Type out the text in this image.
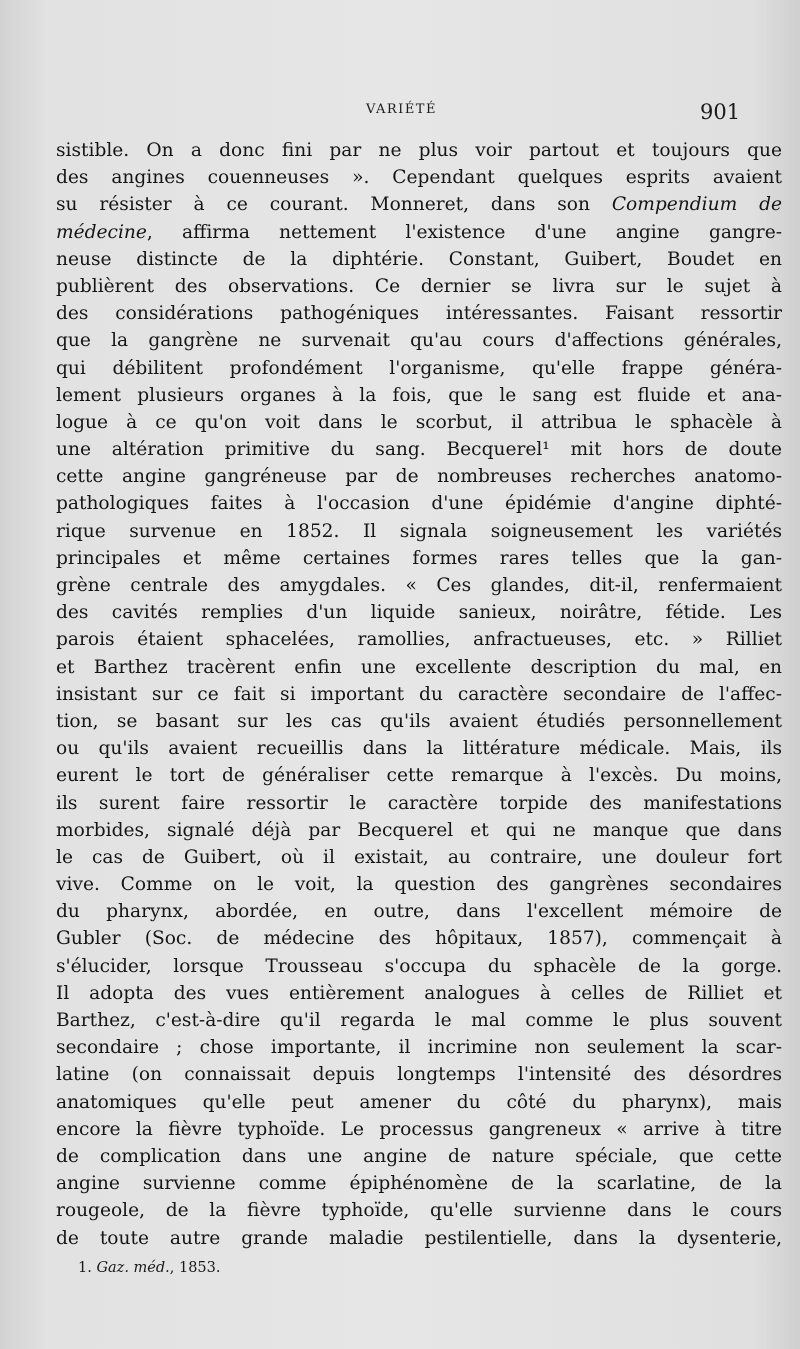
VARIÉTÉ	901
sistible. On a donc fini par ne plus voir partout et toujours que
des angines couenneuses ». Cependant quelques esprits avaient
su résister à ce courant. Monneret, dans son Compendium de
médecine, affirma nettement l'existence d'une angine gangre-
neuse distincte de la diphtérie. Constant, Guibert, Boudet en
publièrent des observations. Ce dernier se livra sur le sujet à
des considérations pathogéniques intéressantes. Faisant ressortir
que la gangrène ne survenait qu'au cours d'affections générales,
qui débilitent profondément l'organisme, qu'elle frappe généra-
lement plusieurs organes à la fois, que le sang est fluide et ana-
logue à ce qu'on voit dans le scorbut, il attribua le sphacèle à
une altération primitive du sang. Becquerel¹ mit hors de doute
cette angine gangréneuse par de nombreuses recherches anatomo-
pathologiques faites à l'occasion d'une épidémie d'angine diphté-
rique survenue en 1852. Il signala soigneusement les variétés
principales et même certaines formes rares telles que la gan-
grène centrale des amygdales. « Ces glandes, dit-il, renfermaient
des cavités remplies d'un liquide sanieux, noirâtre, fétide. Les
parois étaient sphacelées, ramollies, anfractueuses, etc. » Rilliet
et Barthez tracèrent enfin une excellente description du mal, en
insistant sur ce fait si important du caractère secondaire de l'affec-
tion, se basant sur les cas qu'ils avaient étudiés personnellement
ou qu'ils avaient recueillis dans la littérature médicale. Mais, ils
eurent le tort de généraliser cette remarque à l'excès. Du moins,
ils surent faire ressortir le caractère torpide des manifestations
morbides, signalé déjà par Becquerel et qui ne manque que dans
le cas de Guibert, où il existait, au contraire, une douleur fort
vive. Comme on le voit, la question des gangrènes secondaires
du pharynx, abordée, en outre, dans l'excellent mémoire de
Gubler (Soc. de médecine des hôpitaux, 1857), commençait à
s'élucider, lorsque Trousseau s'occupa du sphacèle de la gorge.
Il adopta des vues entièrement analogues à celles de Rilliet et
Barthez, c'est-à-dire qu'il regarda le mal comme le plus souvent
secondaire ; chose importante, il incrimine non seulement la scar-
latine (on connaissait depuis longtemps l'intensité des désordres
anatomiques qu'elle peut amener du côté du pharynx), mais
encore la fièvre typhoïde. Le processus gangreneux « arrive à titre
de complication dans une angine de nature spéciale, que cette
angine survienne comme épiphénomène de la scarlatine, de la
rougeole, de la fièvre typhoïde, qu'elle survienne dans le cours
de toute autre grande maladie pestilentielle, dans la dysenterie,
1. Gaz. méd., 1853.
